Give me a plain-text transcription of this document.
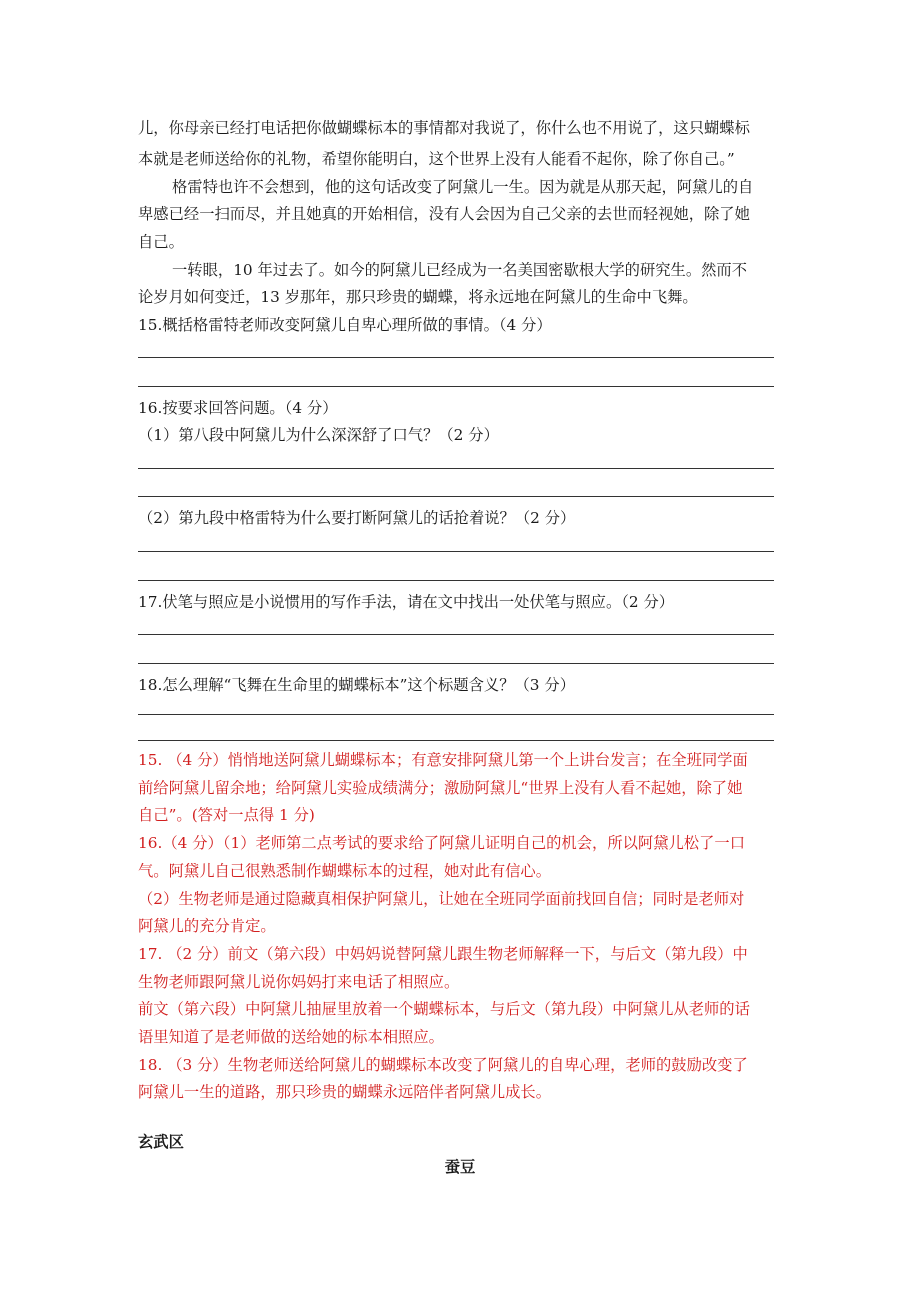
儿，你母亲已经打电话把你做蝴蝶标本的事情都对我说了，你什么也不用说了，这只蝴蝶标
本就是老师送给你的礼物，希望你能明白，这个世界上没有人能看不起你，除了你自己。”
格雷特也许不会想到，他的这句话改变了阿黛儿一生。因为就是从那天起，阿黛儿的自
卑感已经一扫而尽，并且她真的开始相信，没有人会因为自己父亲的去世而轻视她，除了她
自己。
一转眼，10 年过去了。如今的阿黛儿已经成为一名美国密歇根大学的研究生。然而不
论岁月如何变迁，13 岁那年，那只珍贵的蝴蝶，将永远地在阿黛儿的生命中飞舞。
15.概括格雷特老师改变阿黛儿自卑心理所做的事情。（4 分）
16.按要求回答问题。（4 分）
（1）第八段中阿黛儿为什么深深舒了口气？（2 分）
（2）第九段中格雷特为什么要打断阿黛儿的话抢着说？（2 分）
17.伏笔与照应是小说惯用的写作手法，请在文中找出一处伏笔与照应。（2 分）
18.怎么理解“飞舞在生命里的蝴蝶标本”这个标题含义？（3 分）
15. （4 分）悄悄地送阿黛儿蝴蝶标本；有意安排阿黛儿第一个上讲台发言；在全班同学面
前给阿黛儿留余地；给阿黛儿实验成绩满分；激励阿黛儿“世界上没有人看不起她，除了她
自己”。(答对一点得 1 分)
16.（4 分）（1）老师第二点考试的要求给了阿黛儿证明自己的机会，所以阿黛儿松了一口
气。阿黛儿自己很熟悉制作蝴蝶标本的过程，她对此有信心。
（2）生物老师是通过隐藏真相保护阿黛儿，让她在全班同学面前找回自信；同时是老师对
阿黛儿的充分肯定。
17. （2 分）前文（第六段）中妈妈说替阿黛儿跟生物老师解释一下，与后文（第九段）中
生物老师跟阿黛儿说你妈妈打来电话了相照应。
前文（第六段）中阿黛儿抽屉里放着一个蝴蝶标本，与后文（第九段）中阿黛儿从老师的话
语里知道了是老师做的送给她的标本相照应。
18. （3 分）生物老师送给阿黛儿的蝴蝶标本改变了阿黛儿的自卑心理，老师的鼓励改变了
阿黛儿一生的道路，那只珍贵的蝴蝶永远陪伴者阿黛儿成长。
玄武区
蚕豆
